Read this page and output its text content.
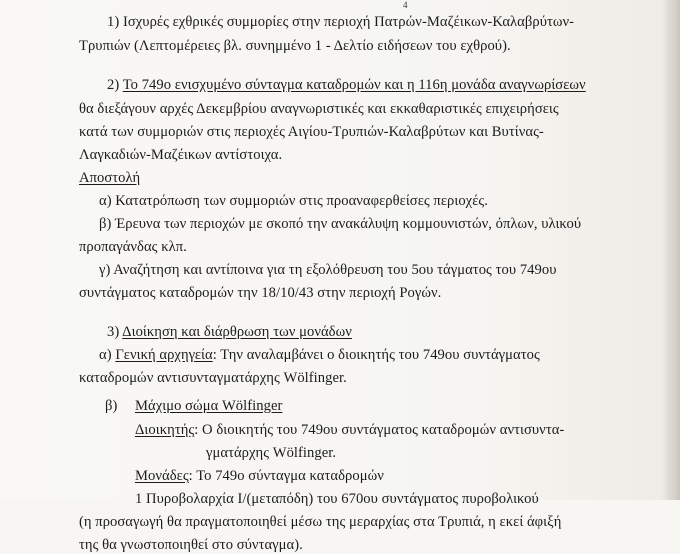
4
1) Ισχυρές εχθρικές συμμορίες στην περιοχή Πατρών-Μαζέικων-Καλαβρύτων-
Τρυπιών (Λεπτομέρειες βλ. συνημμένο 1 - Δελτίο ειδήσεων του εχθρού).
2) Το 749ο ενισχυμένο σύνταγμα καταδρομών και η 116η μονάδα αναγνωρίσεων
θα διεξάγουν αρχές Δεκεμβρίου αναγνωριστικές και εκκαθαριστικές επιχειρήσεις
κατά των συμμοριών στις περιοχές Αιγίου-Τρυπιών-Καλαβρύτων και Βυτίνας-
Λαγκαδιών-Μαζέικων αντίστοιχα.
Αποστολή
α) Κατατρόπωση των συμμοριών στις προαναφερθείσες περιοχές.
β) Έρευνα των περιοχών με σκοπό την ανακάλυψη κομμουνιστών, όπλων, υλικού
προπαγάνδας κλπ.
γ) Αναζήτηση και αντίποινα για τη εξολόθρευση του 5ου τάγματος του 749ου
συντάγματος καταδρομών την 18/10/43 στην περιοχή Ρογών.
3) Διοίκηση και διάρθρωση των μονάδων
α) Γενική αρχηγεία: Την αναλαμβάνει ο διοικητής του 749ου συντάγματος
καταδρομών αντισυνταγματάρχης Wölfinger.
β) Μάχιμο σώμα Wölfinger
Διοικητής: Ο διοικητής του 749ου συντάγματος καταδρομών αντισυντα-
γματάρχης Wölfinger.
Μονάδες: Το 749ο σύνταγμα καταδρομών
1 Πυροβολαρχία Ι/(μεταπόδη) του 670ου συντάγματος πυροβολικού
(η προσαγωγή θα πραγματοποιηθεί μέσω της μεραρχίας στα Τρυπιά, η εκεί άφιξή
της θα γνωστοποιηθεί στο σύνταγμα).
